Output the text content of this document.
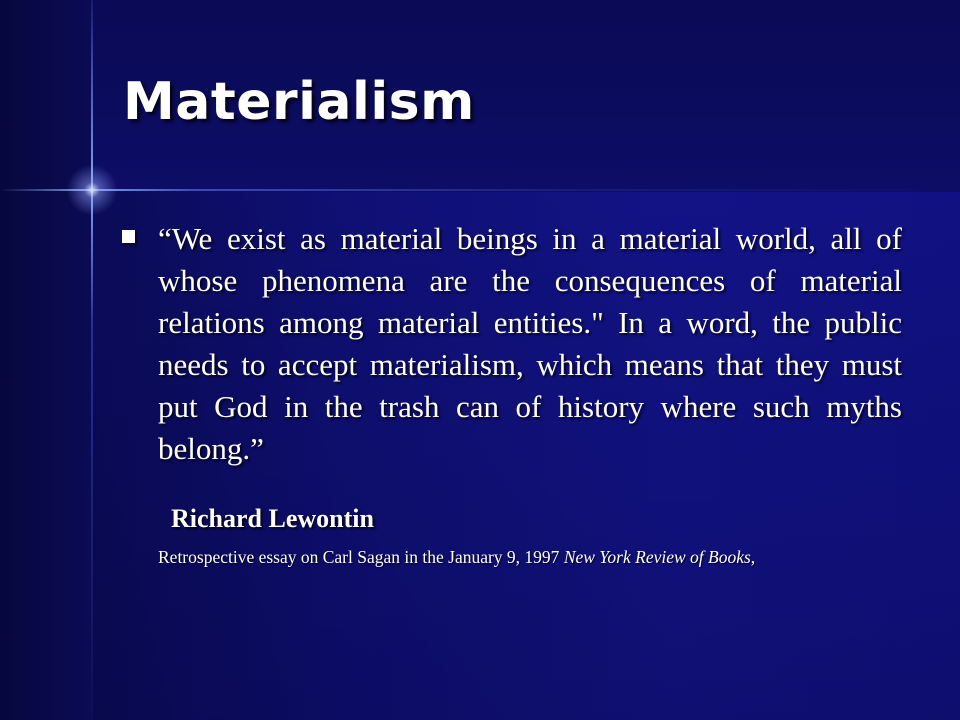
Materialism

“We exist as material beings in a material world, all of whose phenomena are the consequences of material relations among material entities." In a word, the public needs to accept materialism, which means that they must put God in the trash can of history where such myths belong.”

Richard Lewontin
Retrospective essay on Carl Sagan in the January 9, 1997 New York Review of Books,
